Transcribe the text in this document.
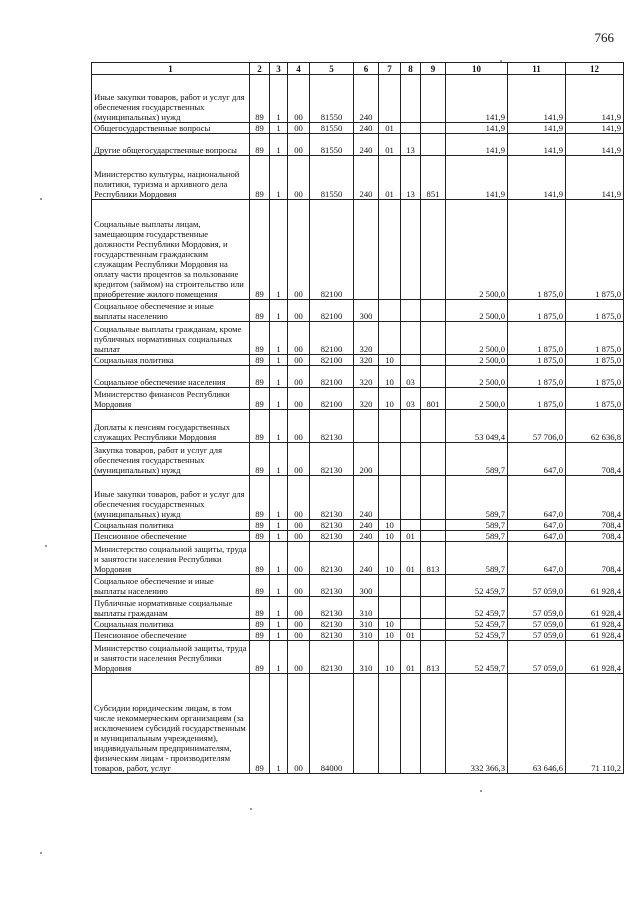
766
1	2	3	4	5	6	7	8	9	10	11	12
Иные закупки товаров, работ и услуг для обеспечения государственных (муниципальных) нужд	89	1	00	81550	240				141,9	141,9	141,9
Общегосударственные вопросы	89	1	00	81550	240	01			141,9	141,9	141,9
Другие общегосударственные вопросы	89	1	00	81550	240	01	13		141,9	141,9	141,9
Министерство культуры, национальной политики, туризма и архивного дела Республики Мордовия	89	1	00	81550	240	01	13	851	141,9	141,9	141,9
Социальные выплаты лицам, замещающим государственные должности Республики Мордовия, и государственным гражданским служащим Республики Мордовия на оплату части процентов за пользование кредитом (займом) на строительство или приобретение жилого помещения	89	1	00	82100					2 500,0	1 875,0	1 875,0
Социальное обеспечение и иные выплаты населению	89	1	00	82100	300				2 500,0	1 875,0	1 875,0
Социальные выплаты гражданам, кроме публичных нормативных социальных выплат	89	1	00	82100	320				2 500,0	1 875,0	1 875,0
Социальная политика	89	1	00	82100	320	10			2 500,0	1 875,0	1 875,0
Социальное обеспечение населения	89	1	00	82100	320	10	03		2 500,0	1 875,0	1 875,0
Министерство финансов Республики Мордовия	89	1	00	82100	320	10	03	801	2 500,0	1 875,0	1 875,0
Доплаты к пенсиям государственных служащих Республики Мордовия	89	1	00	82130					53 049,4	57 706,0	62 636,8
Закупка товаров, работ и услуг для обеспечения государственных (муниципальных) нужд	89	1	00	82130	200				589,7	647,0	708,4
Иные закупки товаров, работ и услуг для обеспечения государственных (муниципальных) нужд	89	1	00	82130	240				589,7	647,0	708,4
Социальная политика	89	1	00	82130	240	10			589,7	647,0	708,4
Пенсионное обеспечение	89	1	00	82130	240	10	01		589,7	647,0	708,4
Министерство социальной защиты, труда и занятости населения Республики Мордовия	89	1	00	82130	240	10	01	813	589,7	647,0	708,4
Социальное обеспечение и иные выплаты населению	89	1	00	82130	300				52 459,7	57 059,0	61 928,4
Публичные нормативные социальные выплаты гражданам	89	1	00	82130	310				52 459,7	57 059,0	61 928,4
Социальная политика	89	1	00	82130	310	10			52 459,7	57 059,0	61 928,4
Пенсионное обеспечение	89	1	00	82130	310	10	01		52 459,7	57 059,0	61 928,4
Министерство социальной защиты, труда и занятости населения Республики Мордовия	89	1	00	82130	310	10	01	813	52 459,7	57 059,0	61 928,4
Субсидии юридическим лицам, в том числе некоммерческим организациям (за исключением субсидий государственным и муниципальным учреждениям), индивидуальным предпринимателям, физическим лицам - производителям товаров, работ, услуг	89	1	00	84000					332 366,3	63 646,6	71 110,2
